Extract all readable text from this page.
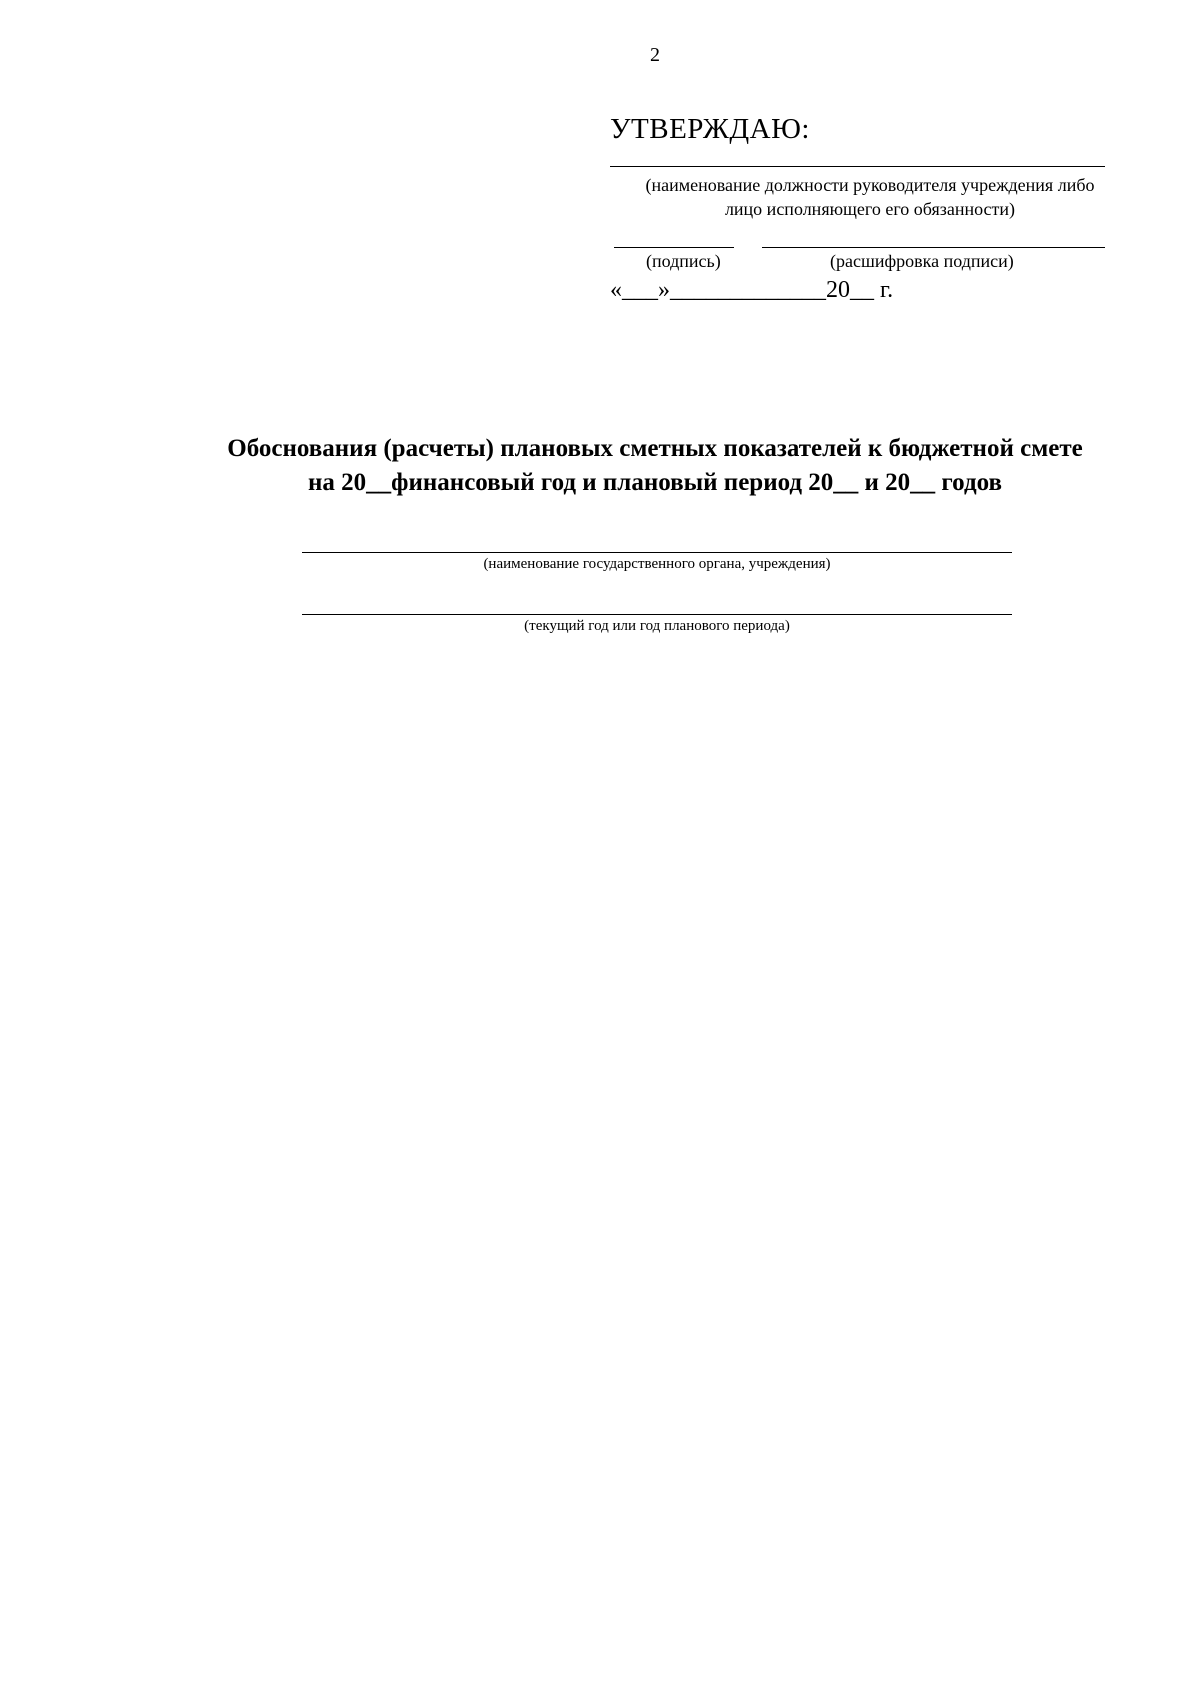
2

УТВЕРЖДАЮ:

(наименование должности руководителя учреждения либо
лицо исполняющего его обязанности)
(подпись)	(расшифровка подписи)
«___»_____________20__ г.
Обоснования (расчеты) плановых сметных показателей к бюджетной смете
на 20__финансовый год и плановый период 20__ и 20__ годов
(наименование государственного органа, учреждения)
(текущий год или год планового периода)
